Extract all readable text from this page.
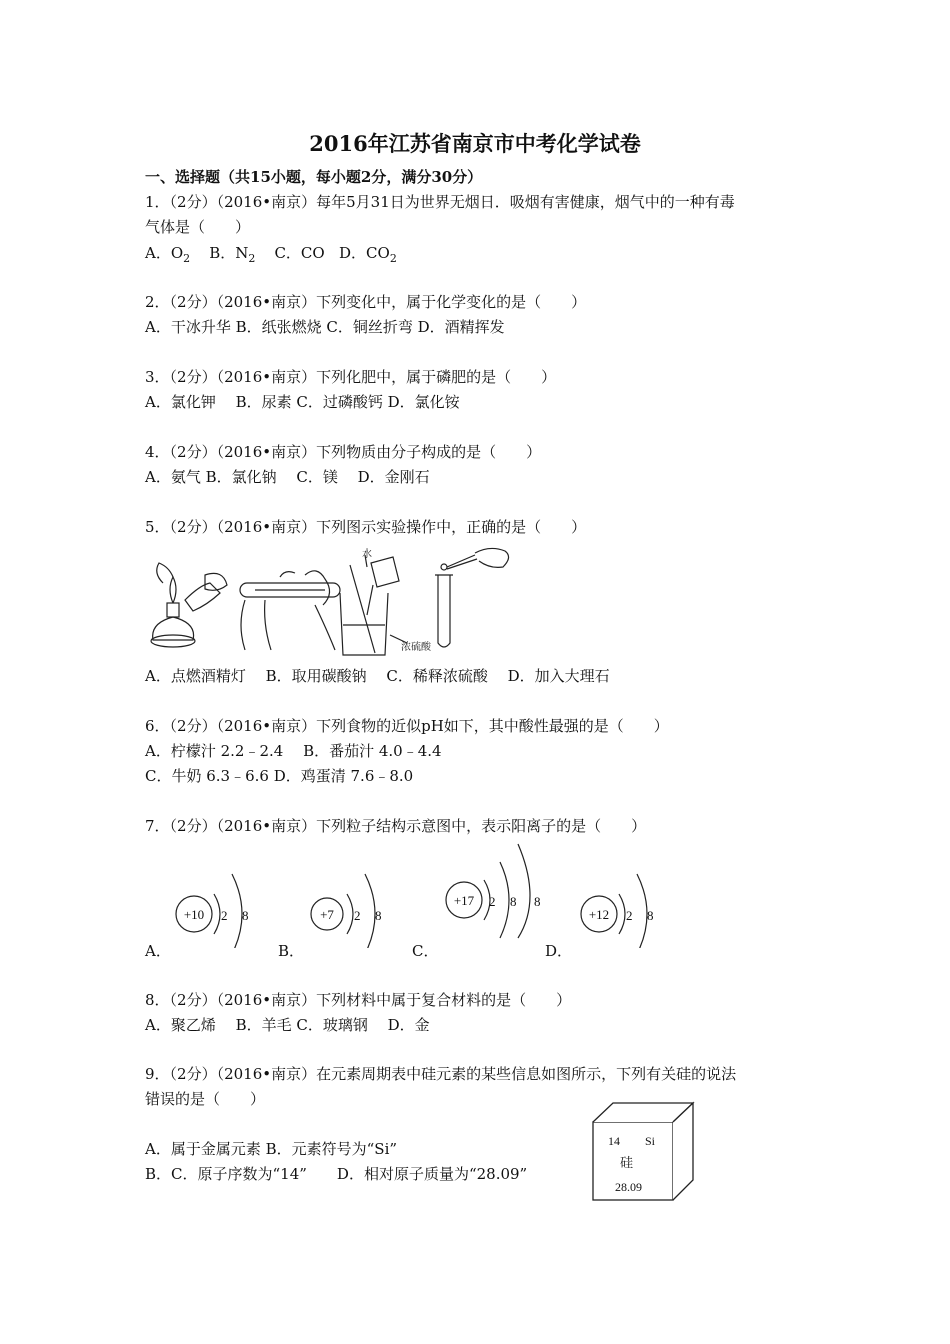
2016年江苏省南京市中考化学试卷
一、选择题（共15小题，每小题2分，满分30分）
1．（2分）（2016•南京）每年5月31日为世界无烟日．吸烟有害健康，烟气中的一种有毒
气体是（　　）
A．$O_2$ B．$N_2$ C．CO D．$CO_2$
2．（2分）（2016•南京）下列变化中，属于化学变化的是（　　）
A．干冰升华 B．纸张燃烧 C．铜丝折弯 D．酒精挥发
3．（2分）（2016•南京）下列化肥中，属于磷肥的是（　　）
A．氯化钾　 B．尿素 C．过磷酸钙 D．氯化铵
4．（2分）（2016•南京）下列物质由分子构成的是（　　）
A．氨气 B．氯化钠　 C．镁　 D．金刚石
5．（2分）（2016•南京）下列图示实验操作中，正确的是（　　）
水
浓硫酸
A．点燃酒精灯　 B．取用碳酸钠　 C．稀释浓硫酸　 D．加入大理石
6．（2分）（2016•南京）下列食物的近似pH如下，其中酸性最强的是（　　）
A．柠檬汁 2.2﹣2.4　 B．番茄汁 4.0﹣4.4
C．牛奶 6.3﹣6.6 D．鸡蛋清 7.6﹣8.0
7．（2分）（2016•南京）下列粒子结构示意图中，表示阳离子的是（　　）
+10 2 8
A．
+7 2 8
B．
+17 2 8 8
C．
+12 2 8
D．
8．（2分）（2016•南京）下列材料中属于复合材料的是（　　）
A．聚乙烯　 B．羊毛 C．玻璃钢　 D．金
9．（2分）（2016•南京）在元素周期表中硅元素的某些信息如图所示，下列有关硅的说法
错误的是（　　）
A．属于金属元素 B．元素符号为“Si”
B．C．原子序数为“14”　　D．相对原子质量为“28.09”
14 Si
硅
28.09
